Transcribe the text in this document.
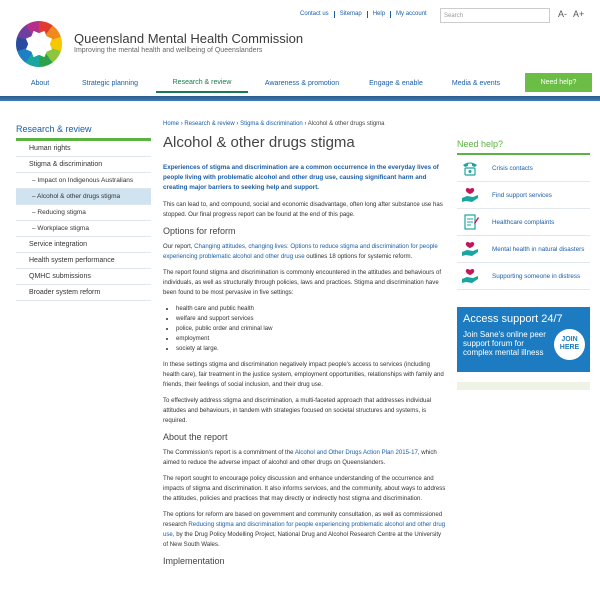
Contact us	Sitemap	Help	My account	Search	A- A+
Queensland Mental Health Commission
Improving the mental health and wellbeing of Queenslanders
About	Strategic planning	Research & review	Awareness & promotion	Engage & enable	Media & events	Need help?
Research & review
Human rights
Stigma & discrimination
– Impact on Indigenous Australians
– Alcohol & other drugs stigma
– Reducing stigma
– Workplace stigma
Service integration
Health system performance
QMHC submissions
Broader system reform
Home › Research & review › Stigma & discrimination › Alcohol & other drugs stigma
Alcohol & other drugs stigma

Experiences of stigma and discrimination are a common occurrence in the everyday lives of people living with problematic alcohol and other drug use, causing significant harm and creating major barriers to seeking help and support.

This can lead to, and compound, social and economic disadvantage, often long after substance use has stopped. Our final progress report can be found at the end of this page.

Options for reform

Our report, Changing attitudes, changing lives: Options to reduce stigma and discrimination for people experiencing problematic alcohol and other drug use outlines 18 options for systemic reform.

The report found stigma and discrimination is commonly encountered in the attitudes and behaviours of individuals, as well as structurally through policies, laws and practices. Stigma and discrimination have been found to be most pervasive in five settings:

• health care and public health
• welfare and support services
• police, public order and criminal law
• employment
• society at large.

In these settings stigma and discrimination negatively impact people's access to services (including health care), fair treatment in the justice system, employment opportunities, relationships with family and friends, their feelings of social inclusion, and their drug use.

To effectively address stigma and discrimination, a multi-faceted approach that addresses individual attitudes and behaviours, in tandem with strategies focused on societal structures and systems, is required.

About the report

The Commission's report is a commitment of the Alcohol and Other Drugs Action Plan 2015-17, which aimed to reduce the adverse impact of alcohol and other drugs on Queenslanders.

The report sought to encourage policy discussion and enhance understanding of the occurrence and impacts of stigma and discrimination. It also informs services, and the community, about ways to address the attitudes, policies and practices that may directly or indirectly host stigma and discrimination.

The options for reform are based on government and community consultation, as well as commissioned research Reducing stigma and discrimination for people experiencing problematic alcohol and other drug use, by the Drug Policy Modelling Project, National Drug and Alcohol Research Centre at the University of New South Wales.

Implementation
Need help?
Crisis contacts
Find support services
Healthcare complaints
Mental health in natural disasters
Supporting someone in distress
Access support 24/7
Join Sane's online peer support forum for complex mental illness
JOIN HERE
